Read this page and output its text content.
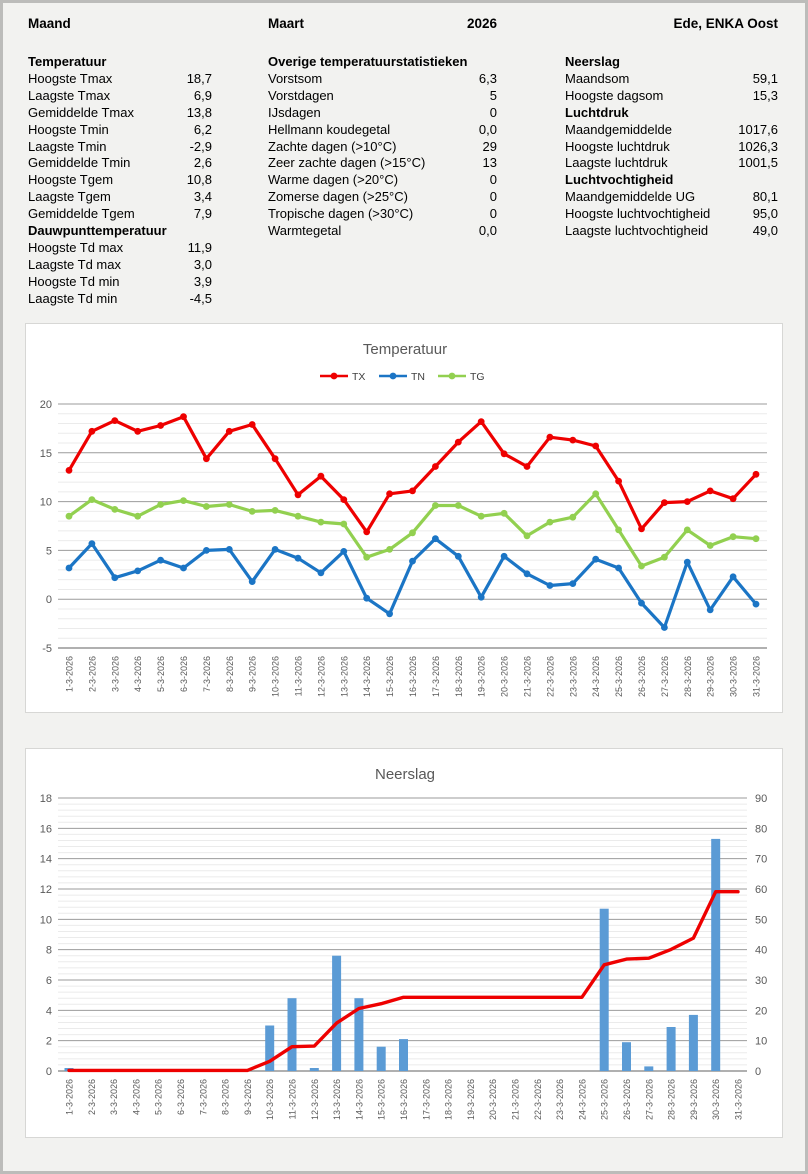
Maand	Maart	2026	Ede, ENKA Oost
Temperatuur
Hoogste Tmax	18,7
Laagste Tmax	6,9
Gemiddelde Tmax	13,8
Hoogste Tmin	6,2
Laagste Tmin	-2,9
Gemiddelde Tmin	2,6
Hoogste Tgem	10,8
Laagste Tgem	3,4
Gemiddelde Tgem	7,9
Dauwpunttemperatuur
Hoogste Td max	11,9
Laagste Td max	3,0
Hoogste Td min	3,9
Laagste Td min	-4,5
Overige temperatuurstatistieken
Vorstsom	6,3
Vorstdagen	5
IJsdagen	0
Hellmann koudegetal	0,0
Zachte dagen (>10°C)	29
Zeer zachte dagen (>15°C)	13
Warme dagen (>20°C)	0
Zomerse dagen (>25°C)	0
Tropische dagen (>30°C)	0
Warmtegetal	0,0
Neerslag
Maandsom	59,1
Hoogste dagsom	15,3
Luchtdruk
Maandgemiddelde	1017,6
Hoogste luchtdruk	1026,3
Laagste luchtdruk	1001,5
Luchtvochtigheid
Maandgemiddelde UG	80,1
Hoogste luchtvochtigheid	95,0
Laagste luchtvochtigheid	49,0
Temperatuur
TX	TN	TG
-5
0
5
10
15
20
1-3-2026 2-3-2026 3-3-2026 4-3-2026 5-3-2026 6-3-2026 7-3-2026 8-3-2026 9-3-2026 10-3-2026 11-3-2026 12-3-2026 13-3-2026 14-3-2026 15-3-2026 16-3-2026 17-3-2026 18-3-2026 19-3-2026 20-3-2026 21-3-2026 22-3-2026 23-3-2026 24-3-2026 25-3-2026 26-3-2026 27-3-2026 28-3-2026 29-3-2026 30-3-2026 31-3-2026
Neerslag
0
2
4
6
8
10
12
14
16
18
0
10
20
30
40
50
60
70
80
90
1-3-2026 2-3-2026 3-3-2026 4-3-2026 5-3-2026 6-3-2026 7-3-2026 8-3-2026 9-3-2026 10-3-2026 11-3-2026 12-3-2026 13-3-2026 14-3-2026 15-3-2026 16-3-2026 17-3-2026 18-3-2026 19-3-2026 20-3-2026 21-3-2026 22-3-2026 23-3-2026 24-3-2026 25-3-2026 26-3-2026 27-3-2026 28-3-2026 29-3-2026 30-3-2026 31-3-2026
